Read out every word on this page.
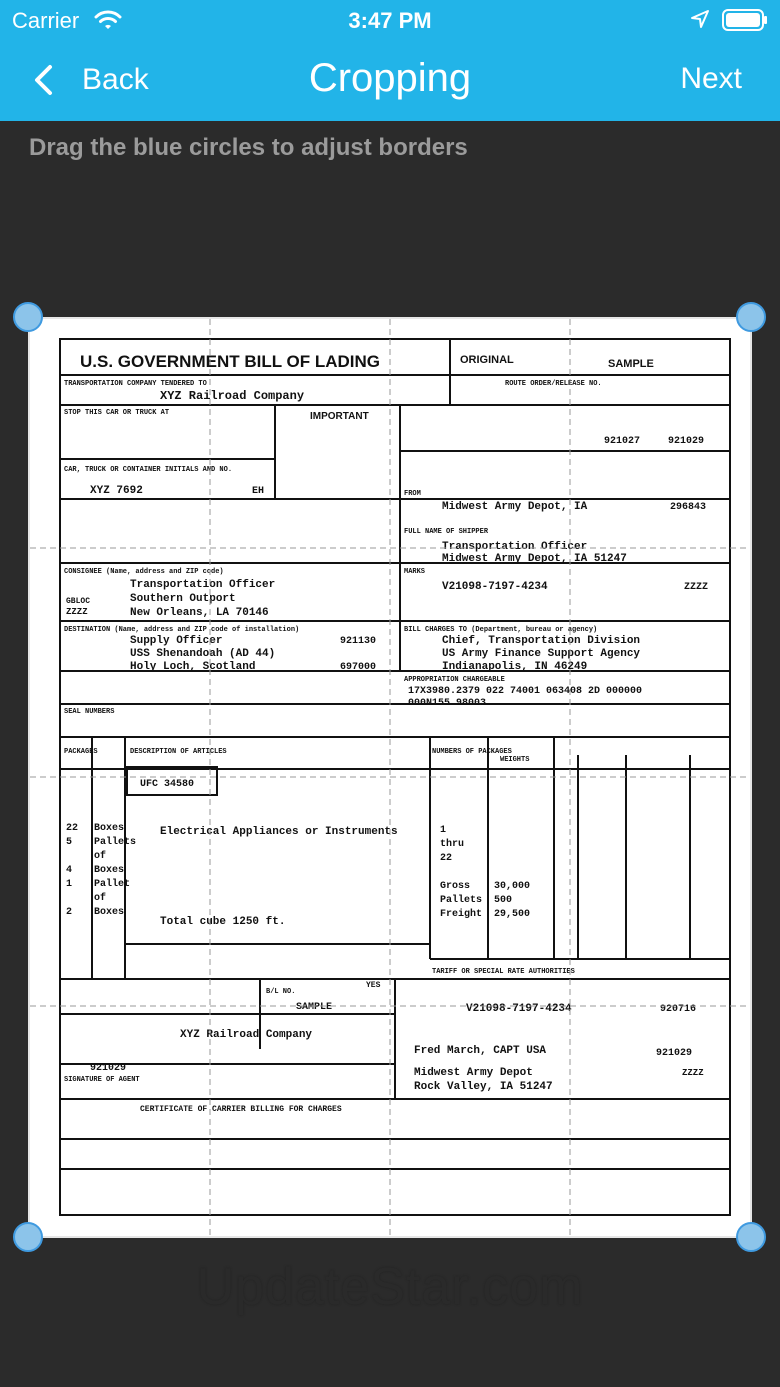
Carrier	3:47 PM
Back	Cropping	Next
Drag the blue circles to adjust borders
U.S. GOVERNMENT BILL OF LADING	ORIGINAL	SAMPLE
ROUTE ORDER/RELEASE NO.
TRANSPORTATION COMPANY TENDERED TO
XYZ Railroad Company
STOP THIS CAR OR TRUCK AT	IMPORTANT
921027	921029
CAR, TRUCK OR CONTAINER INITIALS AND NO.
XYZ 7692	EH	FROM
Midwest Army Depot, IA	296843
FULL NAME OF SHIPPER
Transportation Officer
Midwest Army Depot, IA 51247
CONSIGNEE (Name, address and ZIP code)
Transportation Officer
Southern Outport
New Orleans, LA 70146
GBLOC
ZZZZ
MARKS
V21098-7197-4234	ZZZZ
DESTINATION (Name, address and ZIP code of installation)
Supply Officer
USS Shenandoah (AD 44)
Holy Loch, Scotland
921130
697000
BILL CHARGES TO (Department, bureau or agency)
Chief, Transportation Division
US Army Finance Support Agency
Indianapolis, IN 46249
APPROPRIATION CHARGEABLE
17X3980.2379 022 74001 063408 2D 000000
000N155 98003
SEAL NUMBERS
PACKAGES	DESCRIPTION OF ARTICLES	NUMBERS OF PACKAGES
WEIGHTS
UFC 34580
Electrical Appliances or Instruments
Total cube 1250 ft.
YES
TARIFF OR SPECIAL RATE AUTHORITIES
B/L NO.
SAMPLE	V21098-7197-4234	920716
XYZ Railroad Company
Fred March, CAPT USA	921029
Midwest Army Depot
Rock Valley, IA 51247
921029	ZZZZ
SIGNATURE OF AGENT
CERTIFICATE OF CARRIER BILLING FOR CHARGES
22 Boxes
5 Pallets
of
4 Boxes
1 Pallet
of
2 Boxes
1
thru
22
Gross 30,000
Pallets 500
Freight 29,500
UpdateStar.com
